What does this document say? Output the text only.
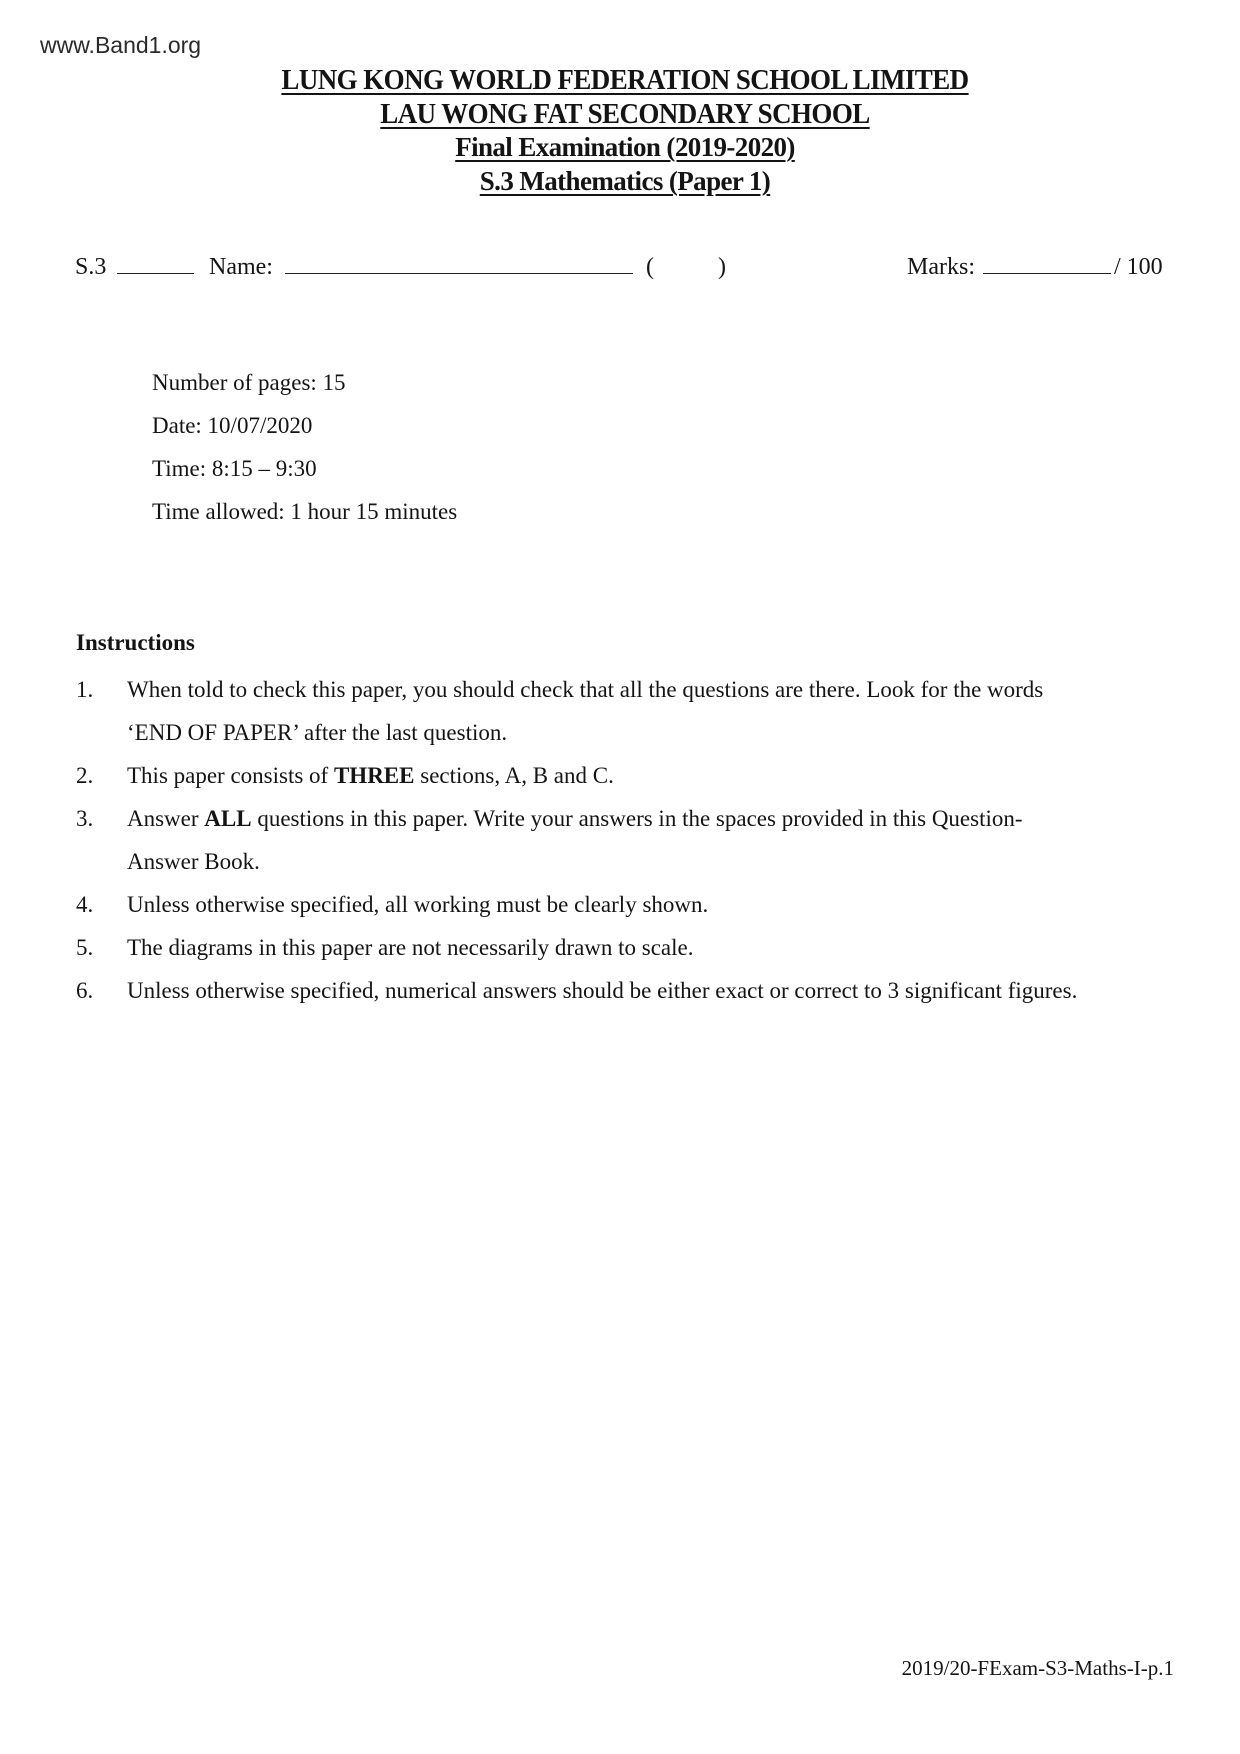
www.Band1.org
LUNG KONG WORLD FEDERATION SCHOOL LIMITED
LAU WONG FAT SECONDARY SCHOOL
Final Examination (2019-2020)
S.3 Mathematics (Paper 1)
S.3	Name:	(	)	Marks:	/ 100
Number of pages: 15
Date: 10/07/2020
Time: 8:15 – 9:30
Time allowed: 1 hour 15 minutes
Instructions
1. When told to check this paper, you should check that all the questions are there. Look for the words
‘END OF PAPER’ after the last question.
2. This paper consists of THREE sections, A, B and C.
3. Answer ALL questions in this paper. Write your answers in the spaces provided in this Question-
Answer Book.
4. Unless otherwise specified, all working must be clearly shown.
5. The diagrams in this paper are not necessarily drawn to scale.
6. Unless otherwise specified, numerical answers should be either exact or correct to 3 significant figures.
2019/20-FExam-S3-Maths-I-p.1
